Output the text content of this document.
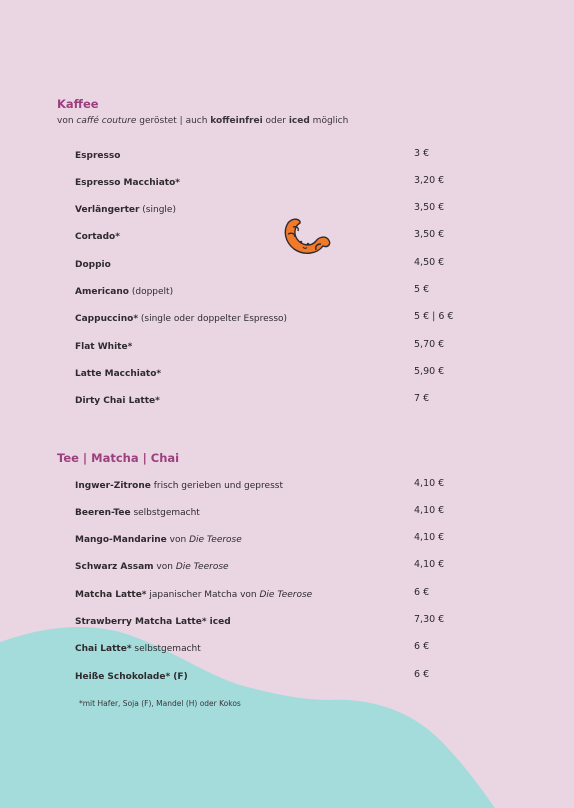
Kaffee
von caffé couture geröstet | auch koffeinfrei oder iced möglich
Espresso	3 €
Espresso Macchiato*	3,20 €
Verlängerter (single)	3,50 €
Cortado*	3,50 €
Doppio	4,50 €
Americano (doppelt)	5 €
Cappuccino* (single oder doppelter Espresso)	5 € | 6 €
Flat White*	5,70 €
Latte Macchiato*	5,90 €
Dirty Chai Latte*	7 €
Tee | Matcha | Chai
Ingwer-Zitrone frisch gerieben und gepresst	4,10 €
Beeren-Tee selbstgemacht	4,10 €
Mango-Mandarine von Die Teerose	4,10 €
Schwarz Assam von Die Teerose	4,10 €
Matcha Latte* japanischer Matcha von Die Teerose	6 €
Strawberry Matcha Latte* iced	7,30 €
Chai Latte* selbstgemacht	6 €
Heiße Schokolade* (F)	6 €
*mit Hafer, Soja (F), Mandel (H) oder Kokos
